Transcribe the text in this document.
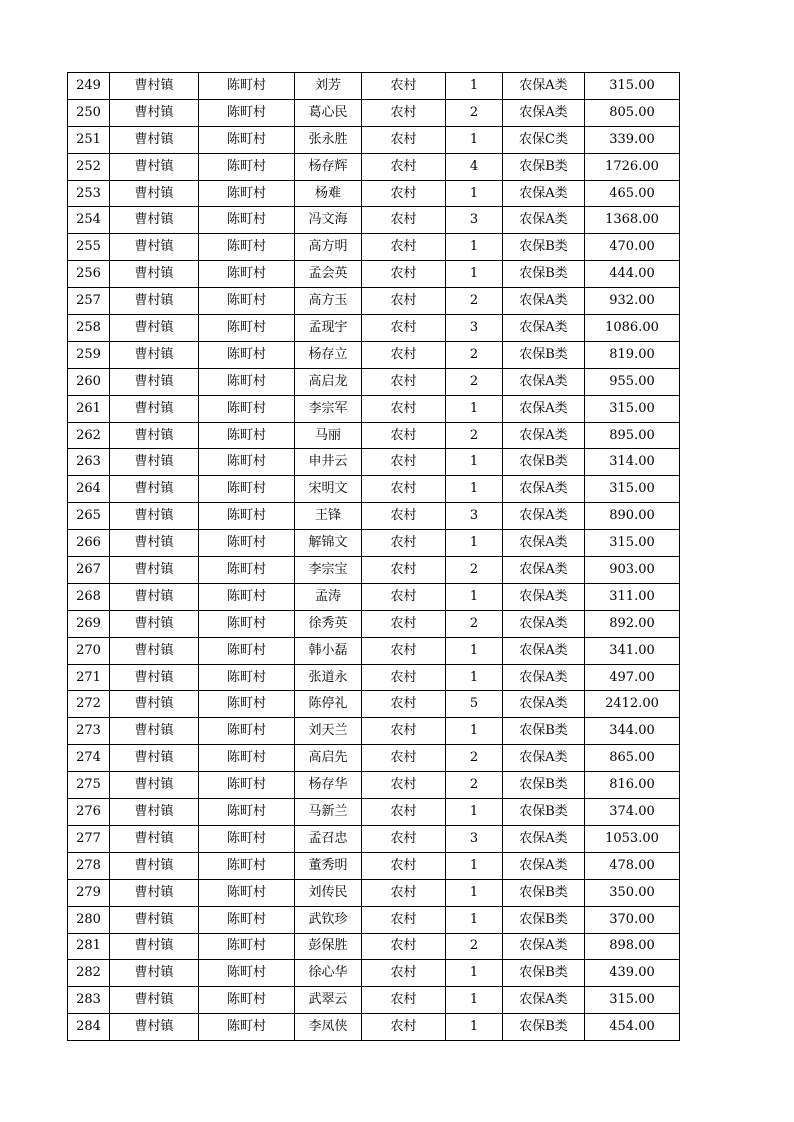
249	曹村镇	陈町村	刘芳	农村	1	农保A类	315.00
250	曹村镇	陈町村	葛心民	农村	2	农保A类	805.00
251	曹村镇	陈町村	张永胜	农村	1	农保C类	339.00
252	曹村镇	陈町村	杨存辉	农村	4	农保B类	1726.00
253	曹村镇	陈町村	杨难	农村	1	农保A类	465.00
254	曹村镇	陈町村	冯文海	农村	3	农保A类	1368.00
255	曹村镇	陈町村	高方明	农村	1	农保B类	470.00
256	曹村镇	陈町村	孟会英	农村	1	农保B类	444.00
257	曹村镇	陈町村	高方玉	农村	2	农保A类	932.00
258	曹村镇	陈町村	孟现宇	农村	3	农保A类	1086.00
259	曹村镇	陈町村	杨存立	农村	2	农保B类	819.00
260	曹村镇	陈町村	高启龙	农村	2	农保A类	955.00
261	曹村镇	陈町村	李宗军	农村	1	农保A类	315.00
262	曹村镇	陈町村	马丽	农村	2	农保A类	895.00
263	曹村镇	陈町村	申井云	农村	1	农保B类	314.00
264	曹村镇	陈町村	宋明文	农村	1	农保A类	315.00
265	曹村镇	陈町村	王锋	农村	3	农保A类	890.00
266	曹村镇	陈町村	解锦文	农村	1	农保A类	315.00
267	曹村镇	陈町村	李宗宝	农村	2	农保A类	903.00
268	曹村镇	陈町村	孟涛	农村	1	农保A类	311.00
269	曹村镇	陈町村	徐秀英	农村	2	农保A类	892.00
270	曹村镇	陈町村	韩小磊	农村	1	农保A类	341.00
271	曹村镇	陈町村	张道永	农村	1	农保A类	497.00
272	曹村镇	陈町村	陈停礼	农村	5	农保A类	2412.00
273	曹村镇	陈町村	刘天兰	农村	1	农保B类	344.00
274	曹村镇	陈町村	高启先	农村	2	农保A类	865.00
275	曹村镇	陈町村	杨存华	农村	2	农保B类	816.00
276	曹村镇	陈町村	马新兰	农村	1	农保B类	374.00
277	曹村镇	陈町村	孟召忠	农村	3	农保A类	1053.00
278	曹村镇	陈町村	董秀明	农村	1	农保A类	478.00
279	曹村镇	陈町村	刘传民	农村	1	农保B类	350.00
280	曹村镇	陈町村	武钦珍	农村	1	农保B类	370.00
281	曹村镇	陈町村	彭保胜	农村	2	农保A类	898.00
282	曹村镇	陈町村	徐心华	农村	1	农保B类	439.00
283	曹村镇	陈町村	武翠云	农村	1	农保A类	315.00
284	曹村镇	陈町村	李凤侠	农村	1	农保B类	454.00
